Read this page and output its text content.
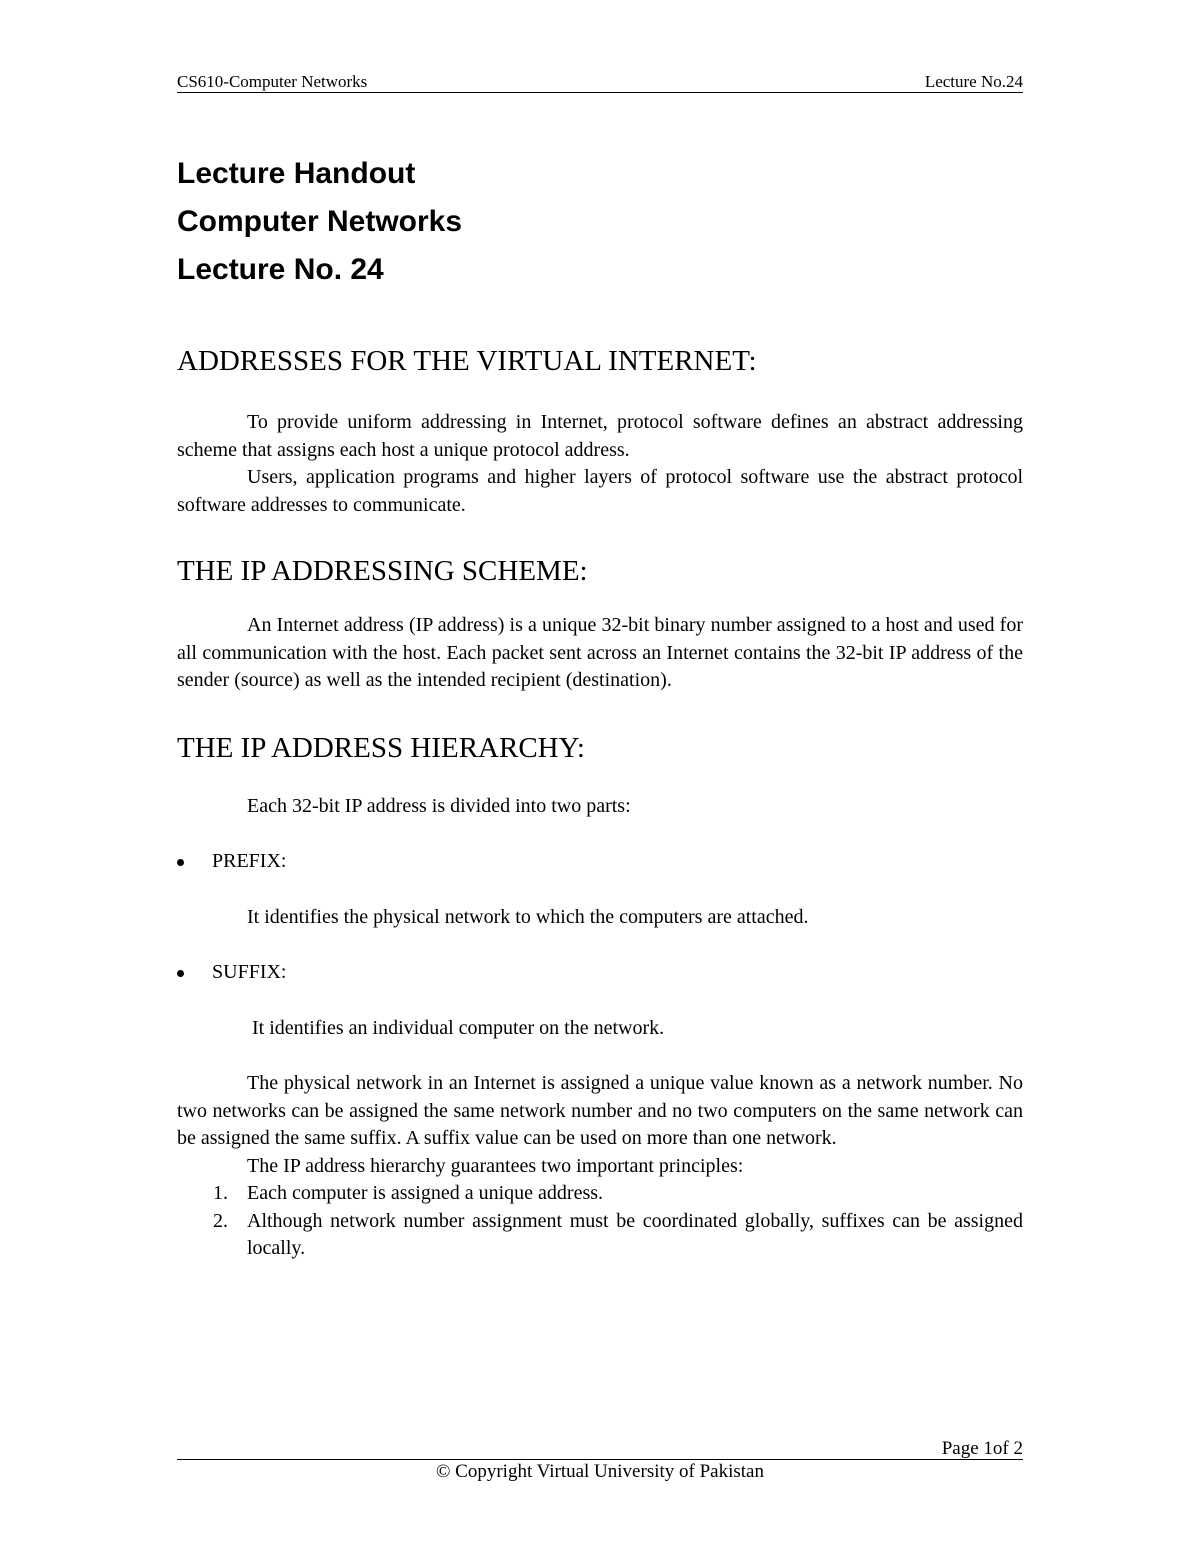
CS610-Computer Networks	Lecture No.24

Lecture Handout

Computer Networks

Lecture No. 24

ADDRESSES FOR THE VIRTUAL INTERNET:

To provide uniform addressing in Internet, protocol software defines an abstract addressing scheme that assigns each host a unique protocol address.

Users, application programs and higher layers of protocol software use the abstract protocol software addresses to communicate.

THE IP ADDRESSING SCHEME:

An Internet address (IP address) is a unique 32-bit binary number assigned to a host and used for all communication with the host. Each packet sent across an Internet contains the 32-bit IP address of the sender (source) as well as the intended recipient (destination).

THE IP ADDRESS HIERARCHY:

Each 32-bit IP address is divided into two parts:

PREFIX:

It identifies the physical network to which the computers are attached.

SUFFIX:

It identifies an individual computer on the network.

The physical network in an Internet is assigned a unique value known as a network number. No two networks can be assigned the same network number and no two computers on the same network can be assigned the same suffix. A suffix value can be used on more than one network.

The IP address hierarchy guarantees two important principles:

1. Each computer is assigned a unique address.
2. Although network number assignment must be coordinated globally, suffixes can be assigned locally.
Page 1of 2
© Copyright Virtual University of Pakistan
